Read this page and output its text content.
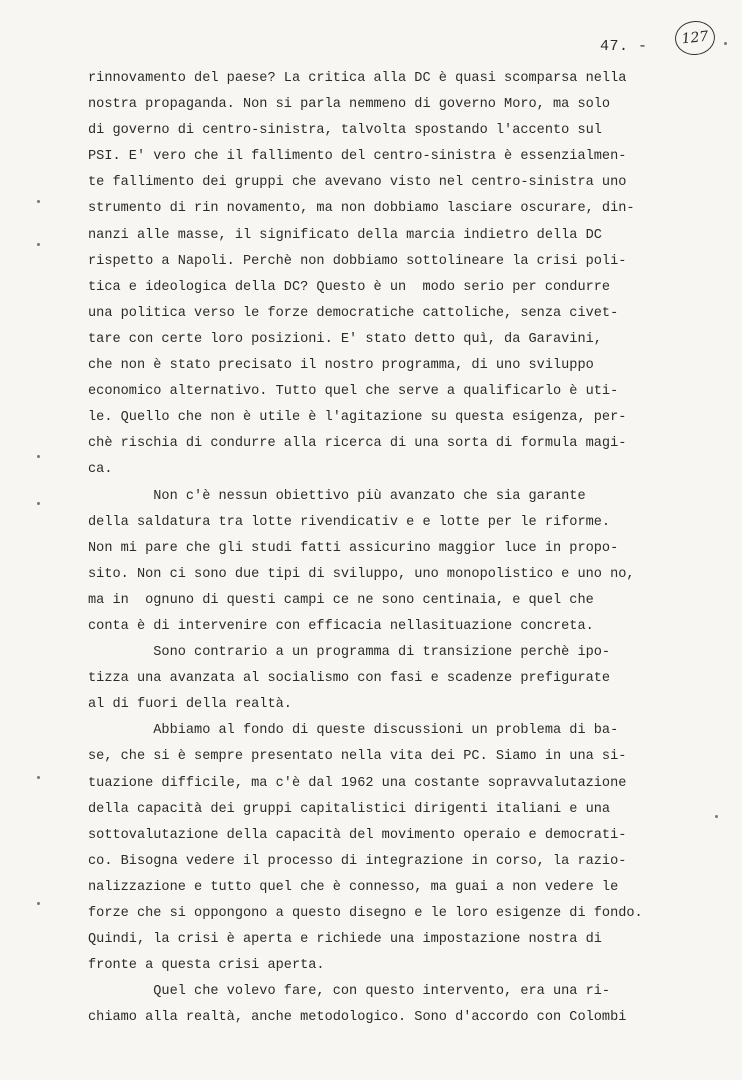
47. -	127
rinnovamento del paese? La critica alla DC è quasi scomparsa nella
nostra propaganda. Non si parla nemmeno di governo Moro, ma solo
di governo di centro-sinistra, talvolta spostando l'accento sul
PSI. E' vero che il fallimento del centro-sinistra è essenzialmen-
te fallimento dei gruppi che avevano visto nel centro-sinistra uno
strumento di rin novamento, ma non dobbiamo lasciare oscurare, din-
nanzi alle masse, il significato della marcia indietro della DC
rispetto a Napoli. Perchè non dobbiamo sottolineare la crisi poli-
tica e ideologica della DC? Questo è un  modo serio per condurre
una politica verso le forze democratiche cattoliche, senza civet-
tare con certe loro posizioni. E' stato detto quì, da Garavini,
che non è stato precisato il nostro programma, di uno sviluppo
economico alternativo. Tutto quel che serve a qualificarlo è uti-
le. Quello che non è utile è l'agitazione su questa esigenza, per-
chè rischia di condurre alla ricerca di una sorta di formula magi-
ca.
Non c'è nessun obiettivo più avanzato che sia garante
della saldatura tra lotte rivendicativ e e lotte per le riforme.
Non mi pare che gli studi fatti assicurino maggior luce in propo-
sito. Non ci sono due tipi di sviluppo, uno monopolistico e uno no,
ma in  ognuno di questi campi ce ne sono centinaia, e quel che
conta è di intervenire con efficacia nellasituazione concreta.
Sono contrario a un programma di transizione perchè ipo-
tizza una avanzata al socialismo con fasi e scadenze prefigurate
al di fuori della realtà.
Abbiamo al fondo di queste discussioni un problema di ba-
se, che si è sempre presentato nella vita dei PC. Siamo in una si-
tuazione difficile, ma c'è dal 1962 una costante sopravvalutazione
della capacità dei gruppi capitalistici dirigenti italiani e una
sottovalutazione della capacità del movimento operaio e democrati-
co. Bisogna vedere il processo di integrazione in corso, la razio-
nalizzazione e tutto quel che è connesso, ma guai a non vedere le
forze che si oppongono a questo disegno e le loro esigenze di fondo.
Quindi, la crisi è aperta e richiede una impostazione nostra di
fronte a questa crisi aperta.
Quel che volevo fare, con questo intervento, era una ri-
chiamo alla realtà, anche metodologico. Sono d'accordo con Colombi
